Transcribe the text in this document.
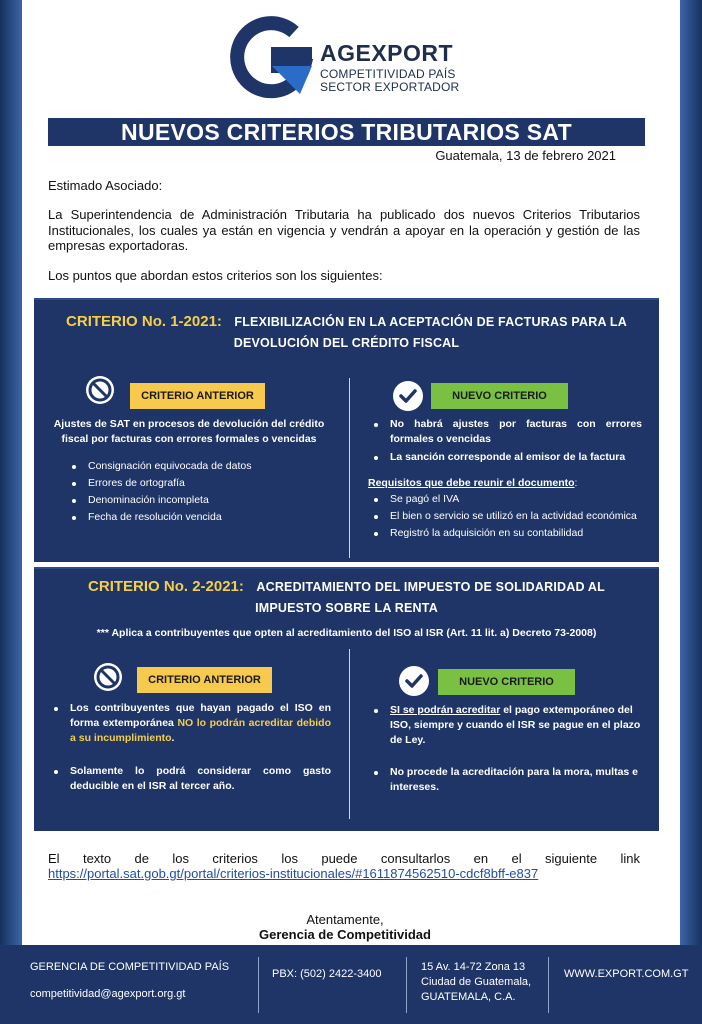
AGEXPORT
COMPETITIVIDAD PAÍS
SECTOR EXPORTADOR
NUEVOS CRITERIOS TRIBUTARIOS SAT
Guatemala, 13 de febrero 2021
Estimado Asociado:
La Superintendencia de Administración Tributaria ha publicado dos nuevos Criterios Tributarios Institucionales, los cuales ya están en vigencia y vendrán a apoyar en la operación y gestión de las empresas exportadoras.
Los puntos que abordan estos criterios son los siguientes:
CRITERIO No. 1-2021: FLEXIBILIZACIÓN EN LA ACEPTACIÓN DE FACTURAS PARA LA
DEVOLUCIÓN DEL CRÉDITO FISCAL
CRITERIO ANTERIOR	NUEVO CRITERIO
Ajustes de SAT en procesos de devolución del crédito fiscal por facturas con errores formales o vencidas
Consignación equivocada de datos
Errores de ortografía
Denominación incompleta
Fecha de resolución vencida
No habrá ajustes por facturas con errores formales o vencidas
La sanción corresponde al emisor de la factura
Requisitos que debe reunir el documento:
Se pagó el IVA
El bien o servicio se utilizó en la actividad económica
Registró la adquisición en su contabilidad
CRITERIO No. 2-2021: ACREDITAMIENTO DEL IMPUESTO DE SOLIDARIDAD AL
IMPUESTO SOBRE LA RENTA
*** Aplica a contribuyentes que opten al acreditamiento del ISO al ISR (Art. 11 lit. a) Decreto 73-2008)
CRITERIO ANTERIOR	NUEVO CRITERIO
Los contribuyentes que hayan pagado el ISO en forma extemporánea NO lo podrán acreditar debido a su incumplimiento.
Solamente lo podrá considerar como gasto deducible en el ISR al tercer año.
SI se podrán acreditar el pago extemporáneo del ISO, siempre y cuando el ISR se pague en el plazo de Ley.
No procede la acreditación para la mora, multas e intereses.
El texto de los criterios los puede consultarlos en el siguiente link
https://portal.sat.gob.gt/portal/criterios-institucionales/#1611874562510-cdcf8bff-e837
Atentamente,
Gerencia de Competitividad
GERENCIA DE COMPETITIVIDAD PAÍS
competitividad@agexport.org.gt
PBX: (502) 2422-3400
15 Av. 14-72 Zona 13
Ciudad de Guatemala,
GUATEMALA, C.A.
WWW.EXPORT.COM.GT
